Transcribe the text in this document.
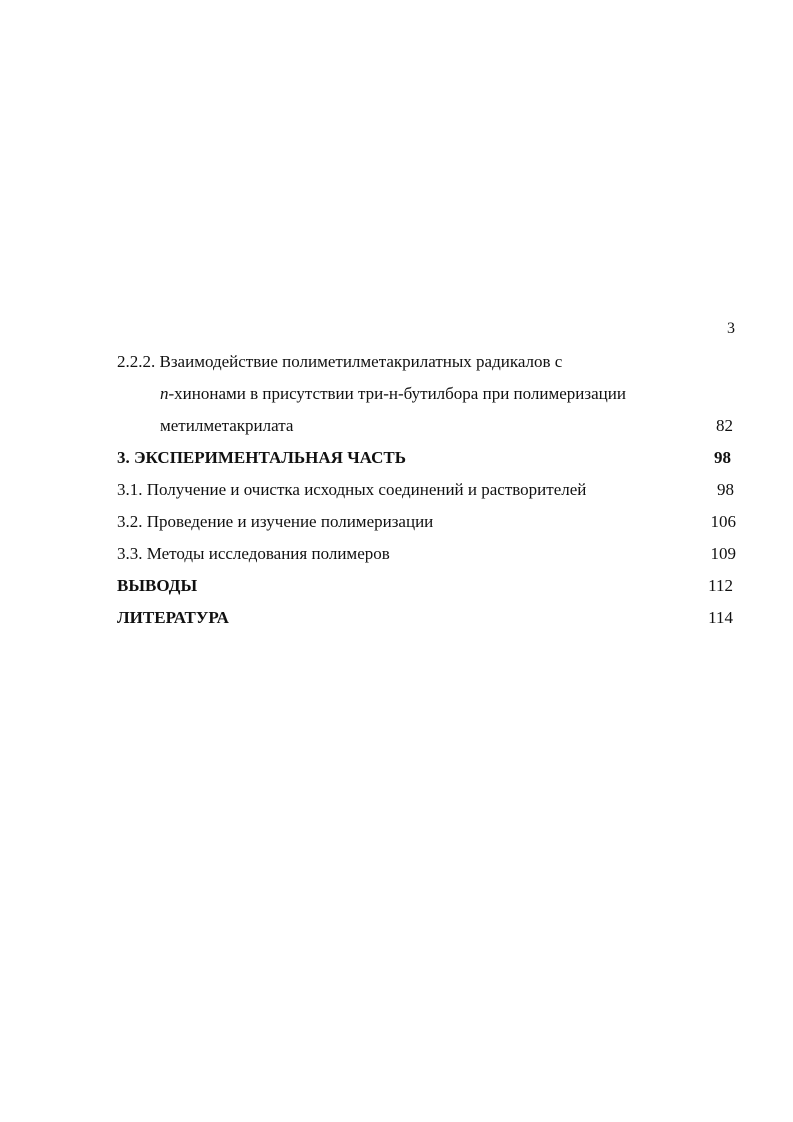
3
2.2.2. Взаимодействие полиметилметакрилатных радикалов с
п-хинонами в присутствии три-н-бутилбора при полимеризации
метилметакрилата	82
3. ЭКСПЕРИМЕНТАЛЬНАЯ ЧАСТЬ	98
3.1. Получение и очистка исходных соединений и растворителей	98
3.2. Проведение и изучение полимеризации	106
3.3. Методы исследования полимеров	109
ВЫВОДЫ	112
ЛИТЕРАТУРА	114
